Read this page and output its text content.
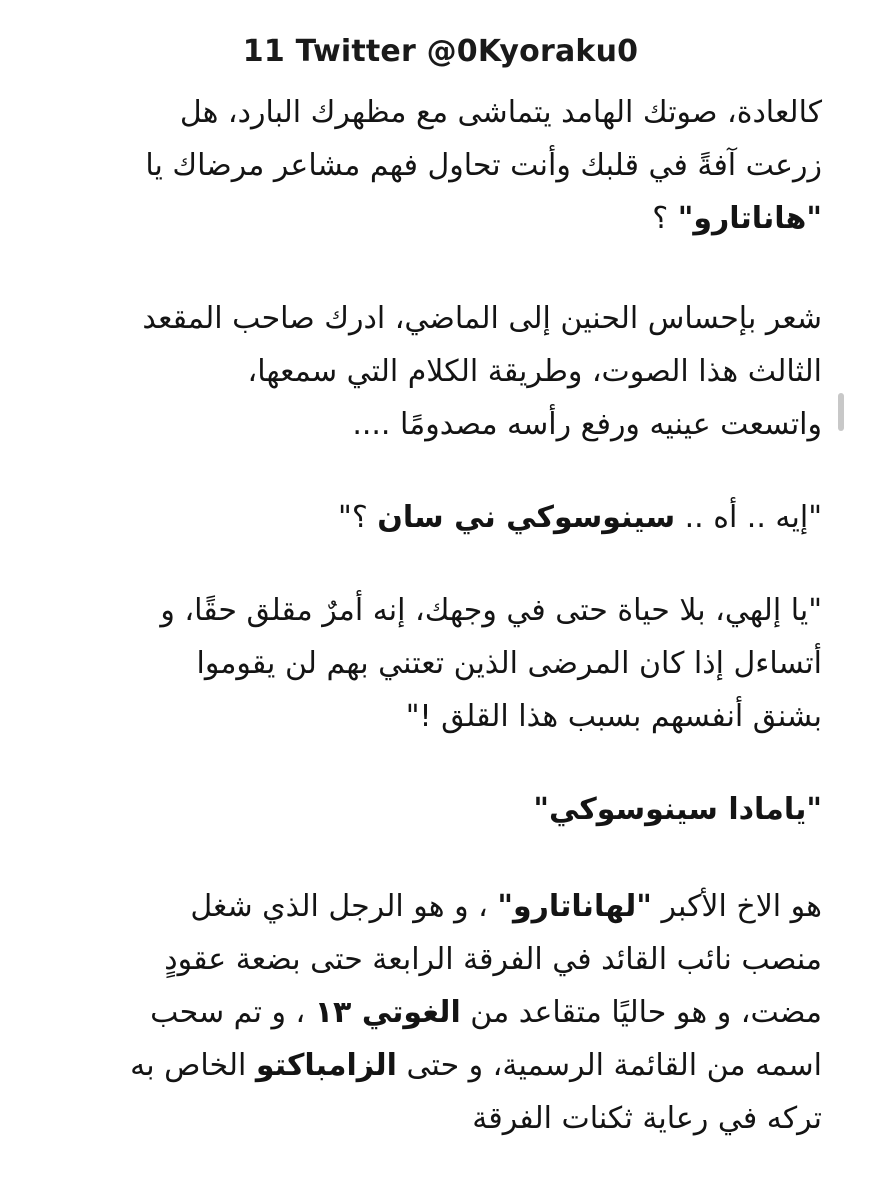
11 Twitter @0Kyoraku0
كالعادة، صوتك الهامد يتماشى مع مظهرك البارد، هل
زرعت آفةً في قلبك وأنت تحاول فهم مشاعر مرضاك يا
"هاناتارو" ؟
شعر بإحساس الحنين إلى الماضي، ادرك صاحب المقعد
الثالث هذا الصوت، وطريقة الكلام التي سمعها،
واتسعت عينيه ورفع رأسه مصدومًا ....
"إيه .. أه .. سينوسوكي ني سان ؟"
"يا إلهي، بلا حياة حتى في وجهك، إنه أمرٌ مقلق حقًا، و
أتساءل إذا كان المرضى الذين تعتني بهم لن يقوموا
بشنق أنفسهم بسبب هذا القلق !"
"يامادا سينوسوكي"
هو الاخ الأكبر "لهاناتارو" ، و هو الرجل الذي شغل
منصب نائب القائد في الفرقة الرابعة حتى بضعة عقودٍ
مضت، و هو حاليًا متقاعد من الغوتي ١٣ ، و تم سحب
اسمه من القائمة الرسمية، و حتى الزامباكتو الخاص به
تركه في رعاية ثكنات الفرقة
